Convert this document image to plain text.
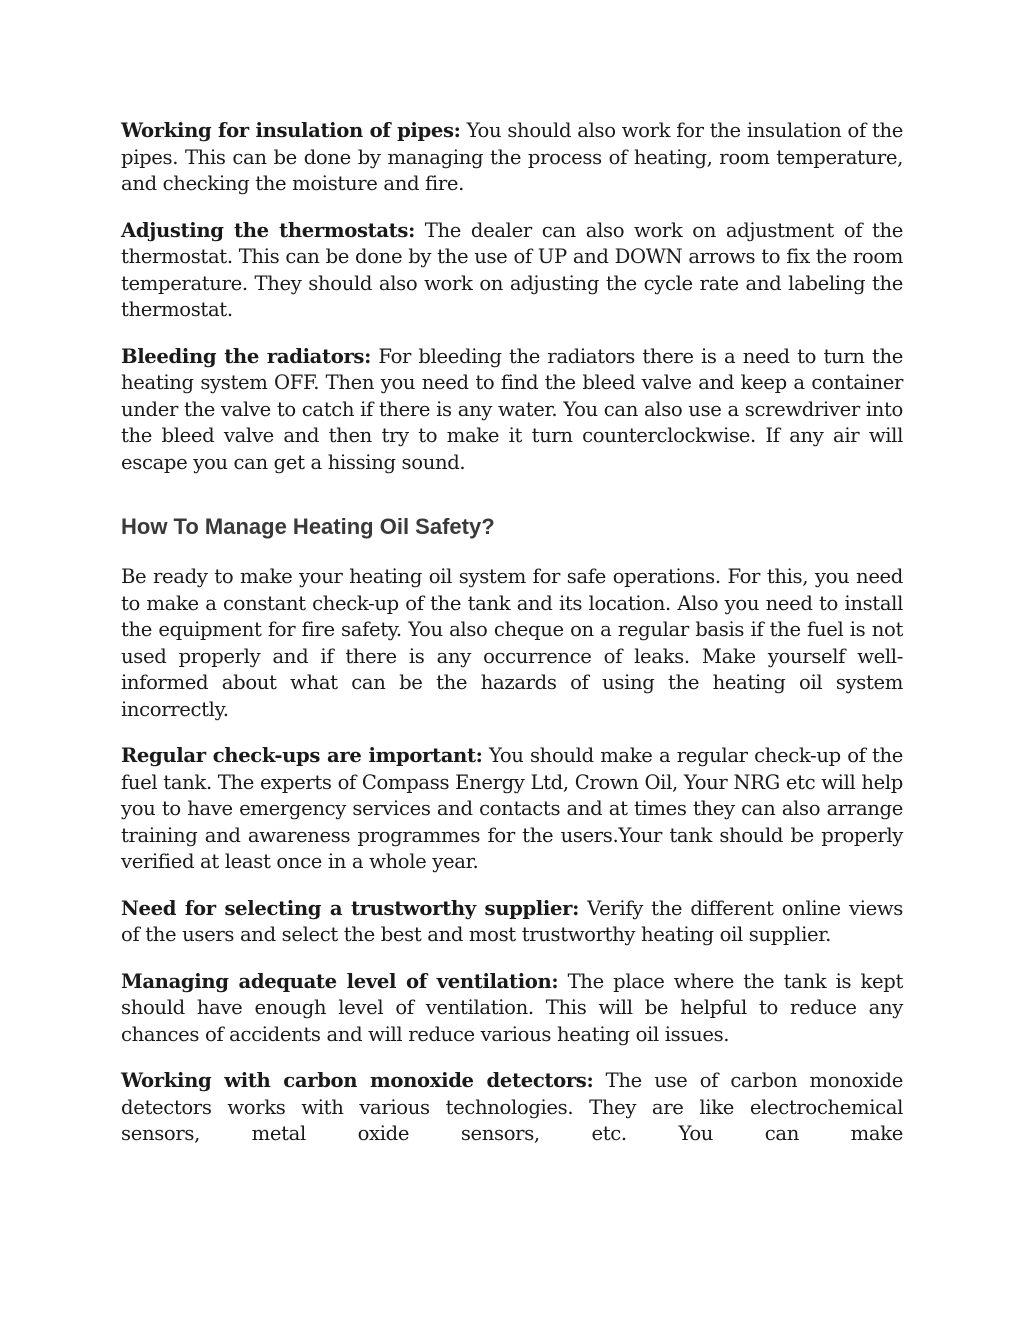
Working for insulation of pipes: You should also work for the insulation of the pipes. This can be done by managing the process of heating, room temperature, and checking the moisture and fire.

Adjusting the thermostats: The dealer can also work on adjustment of the thermostat. This can be done by the use of UP and DOWN arrows to fix the room temperature. They should also work on adjusting the cycle rate and labeling the thermostat.

Bleeding the radiators: For bleeding the radiators there is a need to turn the heating system OFF. Then you need to find the bleed valve and keep a container under the valve to catch if there is any water. You can also use a screwdriver into the bleed valve and then try to make it turn counterclockwise. If any air will escape you can get a hissing sound.

How To Manage Heating Oil Safety?

Be ready to make your heating oil system for safe operations. For this, you need to make a constant check-up of the tank and its location. Also you need to install the equipment for fire safety. You also cheque on a regular basis if the fuel is not used properly and if there is any occurrence of leaks. Make yourself well-informed about what can be the hazards of using the heating oil system incorrectly.

Regular check-ups are important: You should make a regular check-up of the fuel tank. The experts of Compass Energy Ltd, Crown Oil, Your NRG etc will help you to have emergency services and contacts and at times they can also arrange training and awareness programmes for the users.Your tank should be properly verified at least once in a whole year.

Need for selecting a trustworthy supplier: Verify the different online views of the users and select the best and most trustworthy heating oil supplier.

Managing adequate level of ventilation: The place where the tank is kept should have enough level of ventilation. This will be helpful to reduce any chances of accidents and will reduce various heating oil issues.

Working with carbon monoxide detectors: The use of carbon monoxide detectors works with various technologies. They are like electrochemical sensors, metal oxide sensors, etc. You can make
